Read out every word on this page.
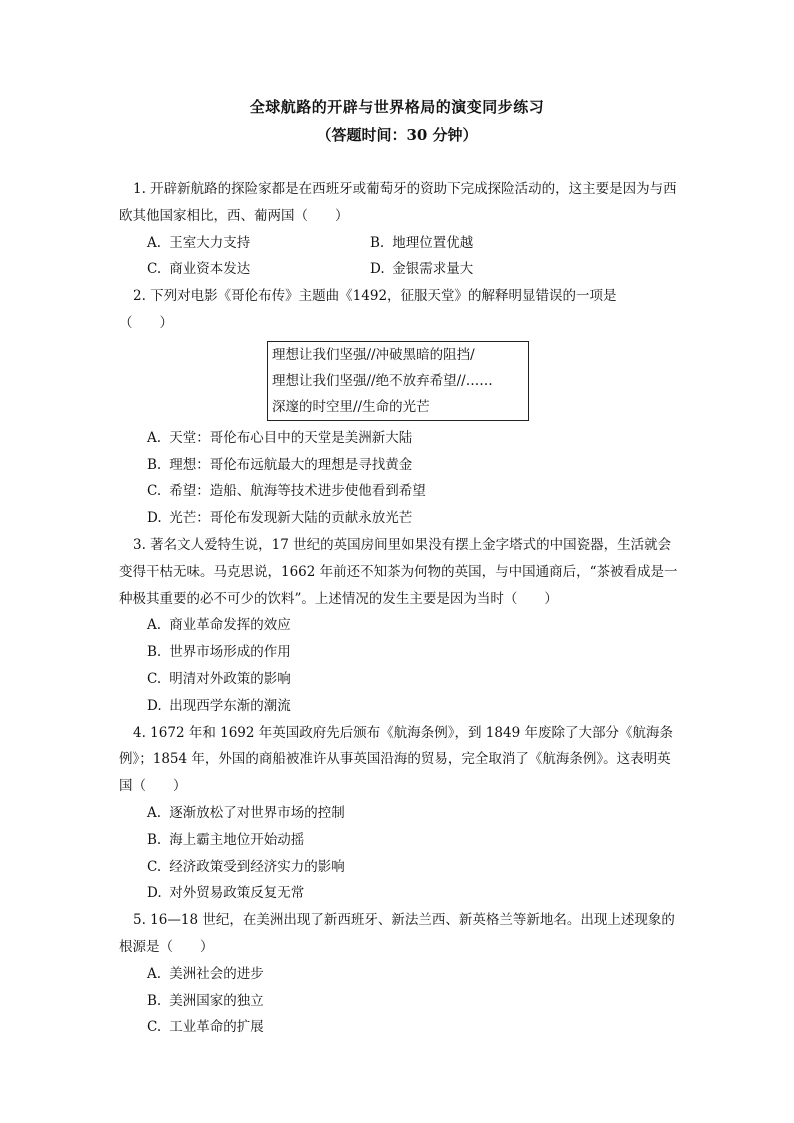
全球航路的开辟与世界格局的演变同步练习
（答题时间：30 分钟）

1. 开辟新航路的探险家都是在西班牙或葡萄牙的资助下完成探险活动的，这主要是因为与西欧其他国家相比，西、葡两国（　　）

A. 王室大力支持	B. 地理位置优越
C. 商业资本发达	D. 金银需求量大

2. 下列对电影《哥伦布传》主题曲《1492，征服天堂》的解释明显错误的一项是

（　　）

理想让我们坚强//冲破黑暗的阻挡/
理想让我们坚强//绝不放弃希望//……
深邃的时空里//生命的光芒

A. 天堂：哥伦布心目中的天堂是美洲新大陆

B. 理想：哥伦布远航最大的理想是寻找黄金

C. 希望：造船、航海等技术进步使他看到希望

D. 光芒：哥伦布发现新大陆的贡献永放光芒

3. 著名文人爱特生说，17 世纪的英国房间里如果没有摆上金字塔式的中国瓷器，生活就会变得干枯无味。马克思说，1662 年前还不知茶为何物的英国，与中国通商后，“茶被看成是一种极其重要的必不可少的饮料”。上述情况的发生主要是因为当时（　　）

A. 商业革命发挥的效应

B. 世界市场形成的作用

C. 明清对外政策的影响

D. 出现西学东渐的潮流

4. 1672 年和 1692 年英国政府先后颁布《航海条例》，到 1849 年废除了大部分《航海条例》；1854 年，外国的商船被准许从事英国沿海的贸易，完全取消了《航海条例》。这表明英国（　　）

A. 逐渐放松了对世界市场的控制

B. 海上霸主地位开始动摇

C. 经济政策受到经济实力的影响

D. 对外贸易政策反复无常

5. 16—18 世纪，在美洲出现了新西班牙、新法兰西、新英格兰等新地名。出现上述现象的根源是（　　）

A. 美洲社会的进步

B. 美洲国家的独立

C. 工业革命的扩展
